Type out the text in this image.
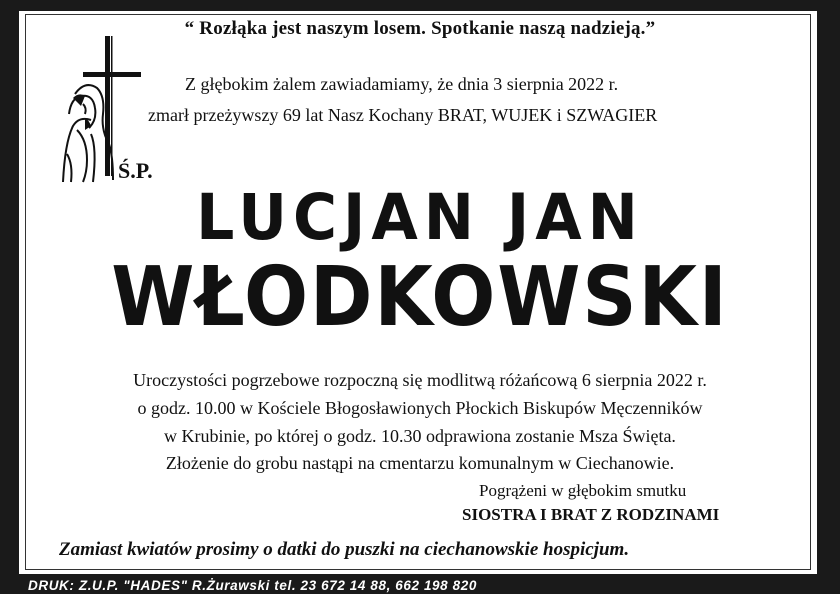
“ Rozłąka jest naszym losem. Spotkanie naszą nadzieją.”
Z głębokim żalem zawiadamiamy, że dnia 3 sierpnia 2022 r.
zmarł przeżywszy 69 lat Nasz Kochany BRAT, WUJEK i SZWAGIER
Ś.P.
LUCJAN JAN
WŁODKOWSKI
Uroczystości pogrzebowe rozpoczną się modlitwą różańcową 6 sierpnia 2022 r.
o godz. 10.00 w Kościele Błogosławionych Płockich Biskupów Męczenników
w Krubinie, po której o godz. 10.30 odprawiona zostanie Msza Święta.
Złożenie do grobu nastąpi na cmentarzu komunalnym w Ciechanowie.
Pogrążeni w głębokim smutku
SIOSTRA I BRAT Z RODZINAMI
Zamiast kwiatów prosimy o datki do puszki na ciechanowskie hospicjum.
DRUK: Z.U.P. "HADES" R.Żurawski tel. 23 672 14 88, 662 198 820
